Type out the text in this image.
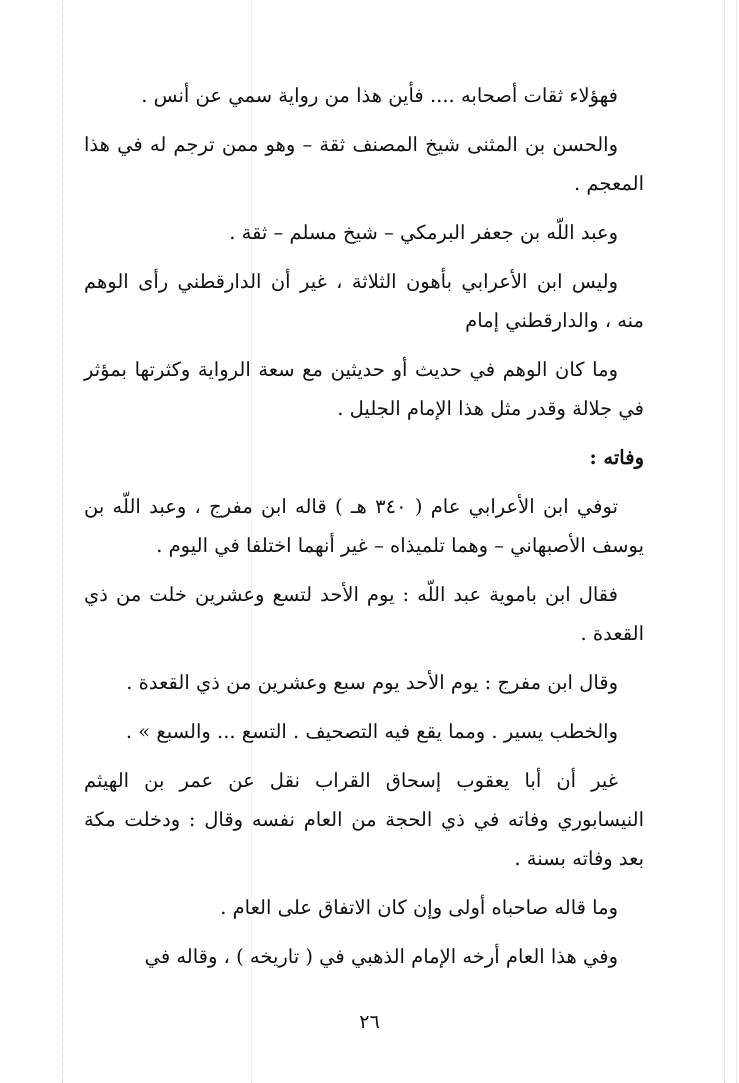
فهؤلاء ثقات أصحابه .... فأين هذا من رواية سمي عن أنس .

والحسن بن المثنى شيخ المصنف ثقة – وهو ممن ترجم له في هذا المعجم .

وعبد اللّه بن جعفر البرمكي – شيخ مسلم – ثقة .

وليس ابن الأعرابي بأهون الثلاثة ، غير أن الدارقطني رأى الوهم منه ، والدارقطني إمام

وما كان الوهم في حديث أو حديثين مع سعة الرواية وكثرتها بمؤثر في جلالة وقدر مثل هذا الإمام الجليل .

وفاته :

توفي ابن الأعرابي عام ( ٣٤٠ هـ ) قاله ابن مفرج ، وعبد اللّه بن يوسف الأصبهاني – وهما تلميذاه – غير أنهما اختلفا في اليوم .

فقال ابن باموية عبد اللّه : يوم الأحد لتسع وعشرين خلت من ذي القعدة .

وقال ابن مفرج : يوم الأحد يوم سبع وعشرين من ذي القعدة .

والخطب يسير . ومما يقع فيه التصحيف . التسع ... والسبع » .

غير أن أبا يعقوب إسحاق القراب نقل عن عمر بن الهيثم النيسابوري وفاته في ذي الحجة من العام نفسه وقال : ودخلت مكة بعد وفاته بسنة .

وما قاله صاحباه أولى وإن كان الاتفاق على العام .

وفي هذا العام أرخه الإمام الذهبي في ( تاريخه ) ، وقاله في

٢٦
